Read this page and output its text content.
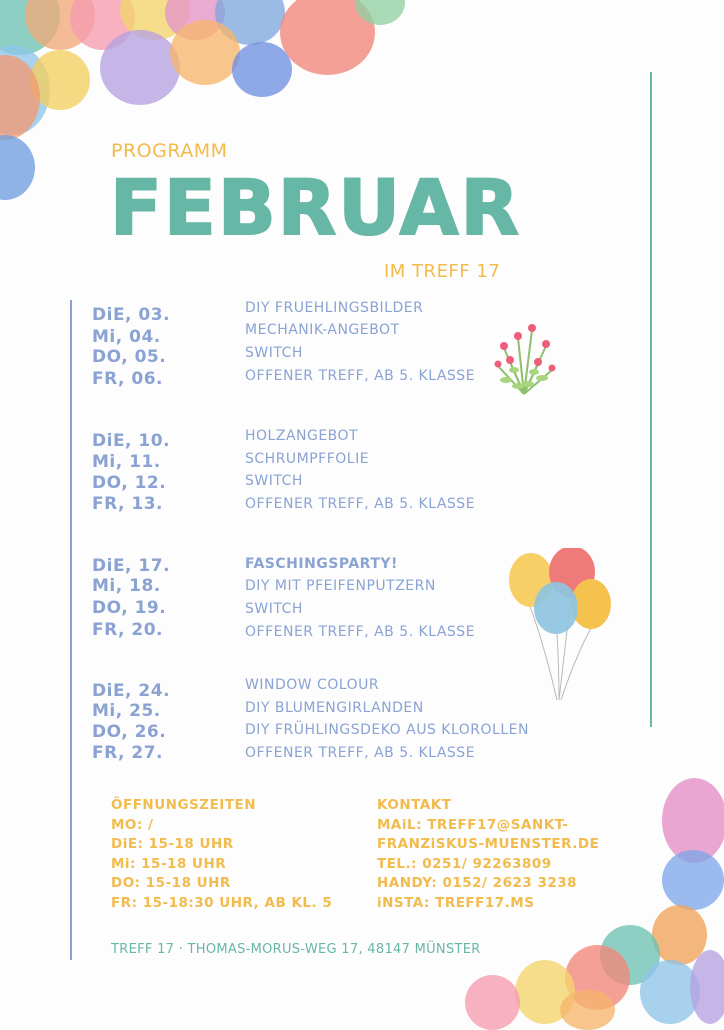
PROGRAMM
FEBRUAR
IM TREFF 17
DiE, 03.	DIY FRUEHLINGSBILDER
Mi, 04.	MECHANIK-ANGEBOT
DO, 05.	SWITCH
FR, 06.	OFFENER TREFF, AB 5. KLASSE
DiE, 10.	HOLZANGEBOT
Mi, 11.	SCHRUMPFFOLIE
DO, 12.	SWITCH
FR, 13.	OFFENER TREFF, AB 5. KLASSE
DiE, 17.	FASCHINGSPARTY!
Mi, 18.	DIY MIT PFEIFENPUTZERN
DO, 19.	SWITCH
FR, 20.	OFFENER TREFF, AB 5. KLASSE
DiE, 24.	WINDOW COLOUR
Mi, 25.	DIY BLUMENGIRLANDEN
DO, 26.	DIY FRÜHLINGSDEKO AUS KLOROLLEN
FR, 27.	OFFENER TREFF, AB 5. KLASSE
ÖFFNUNGSZEITEN
MO: /
DiE: 15-18 UHR
Mi: 15-18 UHR
DO: 15-18 UHR
FR: 15-18:30 UHR, AB KL. 5
KONTAKT
MAiL: TREFF17@SANKT-
FRANZiSKUS-MUENSTER.DE
TEL.: 0251/ 92263809
HANDY: 0152/ 2623 3238
iNSTA: TREFF17.MS
TREFF 17 · THOMAS-MORUS-WEG 17, 48147 MÜNSTER
